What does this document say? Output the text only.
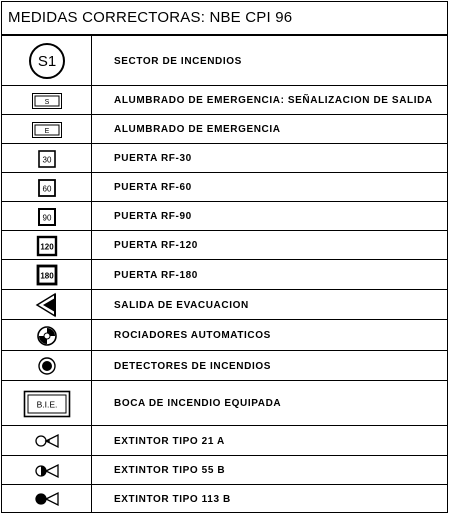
MEDIDAS CORRECTORAS: NBE CPI 96
S1	SECTOR DE INCENDIOS
S	ALUMBRADO DE EMERGENCIA: SEÑALIZACION DE SALIDA
E	ALUMBRADO DE EMERGENCIA
30	PUERTA RF-30
60	PUERTA RF-60
90	PUERTA RF-90
120	PUERTA RF-120
180	PUERTA RF-180
SALIDA DE EVACUACION
ROCIADORES AUTOMATICOS
DETECTORES DE INCENDIOS
B.I.E.	BOCA DE INCENDIO EQUIPADA
EXTINTOR TIPO 21 A
EXTINTOR TIPO 55 B
EXTINTOR TIPO 113 B
